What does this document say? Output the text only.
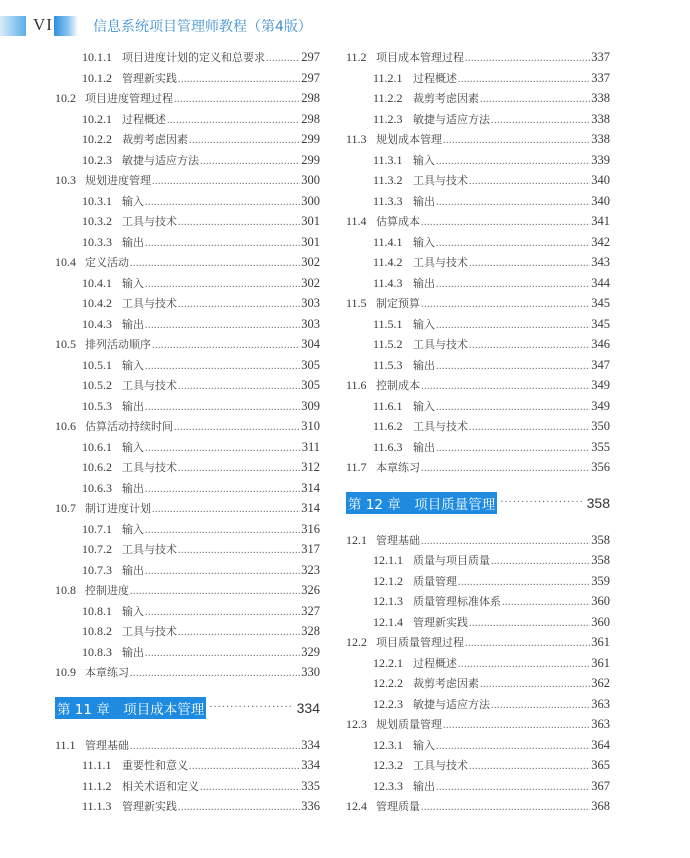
VI	信息系统项目管理师教程（第4版）
10.1.1 项目进度计划的定义和总要求 .....	297
10.1.2 管理新实践 .....	297
10.2 项目进度管理过程 .....	298
10.2.1 过程概述 .....	298
10.2.2 裁剪考虑因素 .....	299
10.2.3 敏捷与适应方法 .....	299
10.3 规划进度管理 .....	300
10.3.1 输入 .....	300
10.3.2 工具与技术 .....	301
10.3.3 输出 .....	301
10.4 定义活动 .....	302
10.4.1 输入 .....	302
10.4.2 工具与技术 .....	303
10.4.3 输出 .....	303
10.5 排列活动顺序 .....	304
10.5.1 输入 .....	305
10.5.2 工具与技术 .....	305
10.5.3 输出 .....	309
10.6 估算活动持续时间 .....	310
10.6.1 输入 .....	311
10.6.2 工具与技术 .....	312
10.6.3 输出 .....	314
10.7 制订进度计划 .....	314
10.7.1 输入 .....	316
10.7.2 工具与技术 .....	317
10.7.3 输出 .....	323
10.8 控制进度 .....	326
10.8.1 输入 .....	327
10.8.2 工具与技术 .....	328
10.8.3 输出 .....	329
10.9 本章练习 .....	330
第 11 章　项目成本管理 ·····	334
11.1 管理基础 .....	334
11.1.1 重要性和意义 .....	334
11.1.2 相关术语和定义 .....	335
11.1.3 管理新实践 .....	336
11.2 项目成本管理过程 .....	337
11.2.1 过程概述 .....	337
11.2.2 裁剪考虑因素 .....	338
11.2.3 敏捷与适应方法 .....	338
11.3 规划成本管理 .....	338
11.3.1 输入 .....	339
11.3.2 工具与技术 .....	340
11.3.3 输出 .....	340
11.4 估算成本 .....	341
11.4.1 输入 .....	342
11.4.2 工具与技术 .....	343
11.4.3 输出 .....	344
11.5 制定预算 .....	345
11.5.1 输入 .....	345
11.5.2 工具与技术 .....	346
11.5.3 输出 .....	347
11.6 控制成本 .....	349
11.6.1 输入 .....	349
11.6.2 工具与技术 .....	350
11.6.3 输出 .....	355
11.7 本章练习 .....	356
第 12 章　项目质量管理 ·····	358
12.1 管理基础 .....	358
12.1.1 质量与项目质量 .....	358
12.1.2 质量管理 .....	359
12.1.3 质量管理标准体系 .....	360
12.1.4 管理新实践 .....	360
12.2 项目质量管理过程 .....	361
12.2.1 过程概述 .....	361
12.2.2 裁剪考虑因素 .....	362
12.2.3 敏捷与适应方法 .....	363
12.3 规划质量管理 .....	363
12.3.1 输入 .....	364
12.3.2 工具与技术 .....	365
12.3.3 输出 .....	367
12.4 管理质量 .....	368
